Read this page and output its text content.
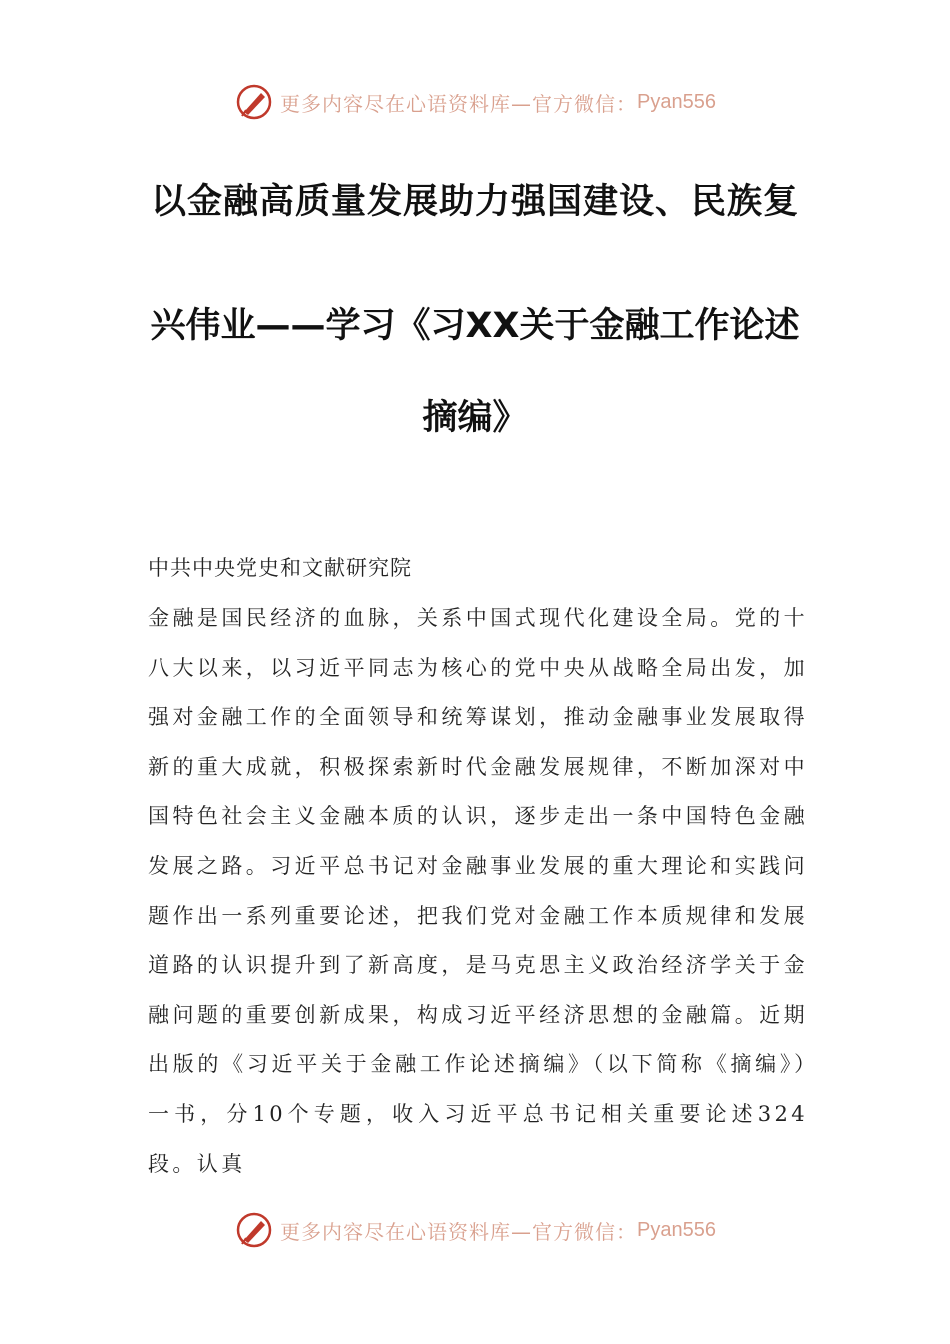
更多内容尽在心语资料库—官方微信： Pyan556
以金融高质量发展助力强国建设、民族复
兴伟业——学习《习XX关于金融工作论述
摘编》
中共中央党史和文献研究院

金融是国民经济的血脉，关系中国式现代化建设全局。党的十八大以来，以习近平同志为核心的党中央从战略全局出发，加强对金融工作的全面领导和统筹谋划，推动金融事业发展取得新的重大成就，积极探索新时代金融发展规律，不断加深对中国特色社会主义金融本质的认识，逐步走出一条中国特色金融发展之路。习近平总书记对金融事业发展的重大理论和实践问题作出一系列重要论述，把我们党对金融工作本质规律和发展道路的认识提升到了新高度，是马克思主义政治经济学关于金融问题的重要创新成果，构成习近平经济思想的金融篇。近期出版的《习近平关于金融工作论述摘编》（以下简称《摘编》）一书，分10个专题，收入习近平总书记相关重要论述324段。认真

更多内容尽在心语资料库—官方微信： Pyan556
